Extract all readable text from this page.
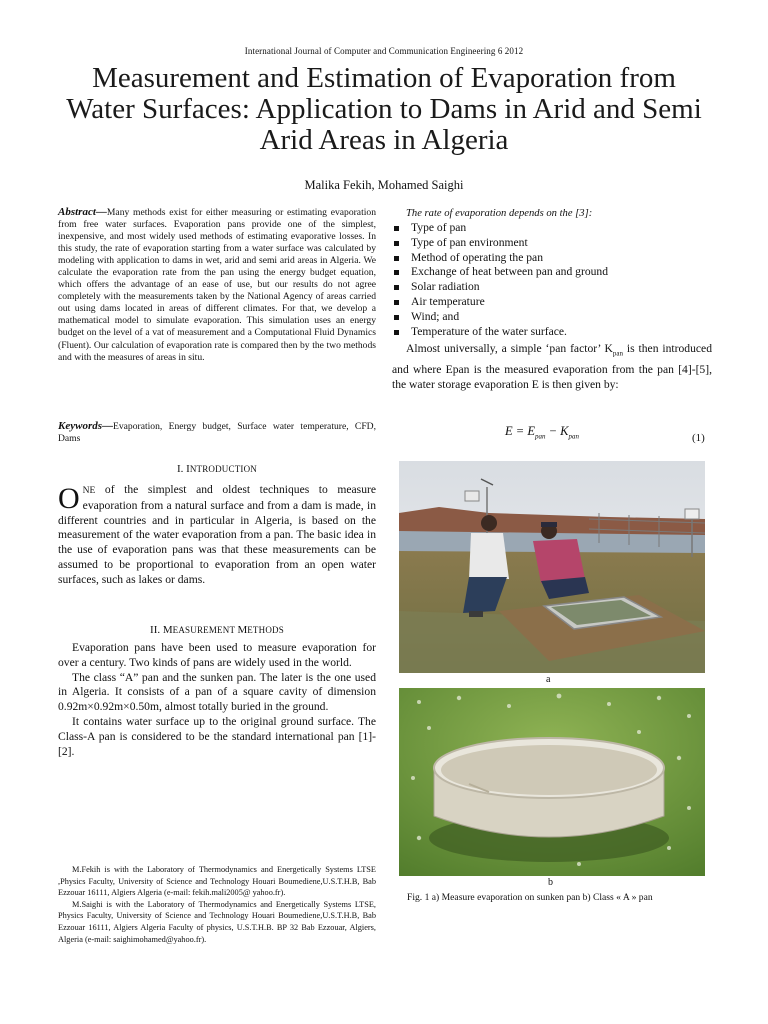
International Journal of Computer and Communication Engineering 6 2012
Measurement and Estimation of Evaporation from Water Surfaces: Application to Dams in Arid and Semi Arid Areas in Algeria
Malika Fekih, Mohamed Saighi
Abstract—Many methods exist for either measuring or estimating evaporation from free water surfaces. Evaporation pans provide one of the simplest, inexpensive, and most widely used methods of estimating evaporative losses. In this study, the rate of evaporation starting from a water surface was calculated by modeling with application to dams in wet, arid and semi arid areas in Algeria. We calculate the evaporation rate from the pan using the energy budget equation, which offers the advantage of an ease of use, but our results do not agree completely with the measurements taken by the National Agency of areas carried out using dams located in areas of different climates. For that, we develop a mathematical model to simulate evaporation. This simulation uses an energy budget on the level of a vat of measurement and a Computational Fluid Dynamics (Fluent). Our calculation of evaporation rate is compared then by the two methods and with the measures of areas in situ.
Keywords—Evaporation, Energy budget, Surface water temperature, CFD, Dams
I. INTRODUCTION
ONE of the simplest and oldest techniques to measure evaporation from a natural surface and from a dam is made, in different countries and in particular in Algeria, is based on the measurement of the water evaporation from a pan. The basic idea in the use of evaporation pans was that these measurements can be assumed to be proportional to evaporation from an open water surfaces, such as lakes or dams.
II. MEASUREMENT METHODS

Evaporation pans have been used to measure evaporation for over a century. Two kinds of pans are widely used in the world.

The class “A” pan and the sunken pan. The later is the one used in Algeria. It consists of a pan of a square cavity of dimension 0.92m×0.92m×0.50m, almost totally buried in the ground.

It contains water surface up to the original ground surface. The Class-A pan is considered to be the standard international pan [1]-[2].

M.Fekih is with the Laboratory of Thermodynamics and Energetically Systems LTSE ,Physics Faculty, University of Science and Technology Houari Boumediene,U.S.T.H.B, Bab Ezzouar 16111, Algiers Algeria (e-mail: fekih.mali2005@ yahoo.fr).

M.Saighi is with the Laboratory of Thermodynamics and Energetically Systems LTSE, Physics Faculty, University of Science and Technology Houari Boumediene,U.S.T.H.B, Bab Ezzouar 16111, Algiers Algeria Faculty of physics, U.S.T.H.B. BP 32 Bab Ezzouar, Algiers, Algeria (e-mail: saighimohamed@yahoo.fr).

The rate of evaporation depends on the [3]:
Type of pan
Type of pan environment
Method of operating the pan
Exchange of heat between pan and ground
Solar radiation
Air temperature
Wind; and
Temperature of the water surface.
Almost universally, a simple ‘pan factor’ $K_{pan}$ is then introduced and where Epan is the measured evaporation from the pan [4]-[5], the water storage evaporation E is then given by:
$E = E_{pan} - K_{pan}$	(1)
a
b
Fig. 1 a) Measure evaporation on sunken pan b) Class « A » pan
